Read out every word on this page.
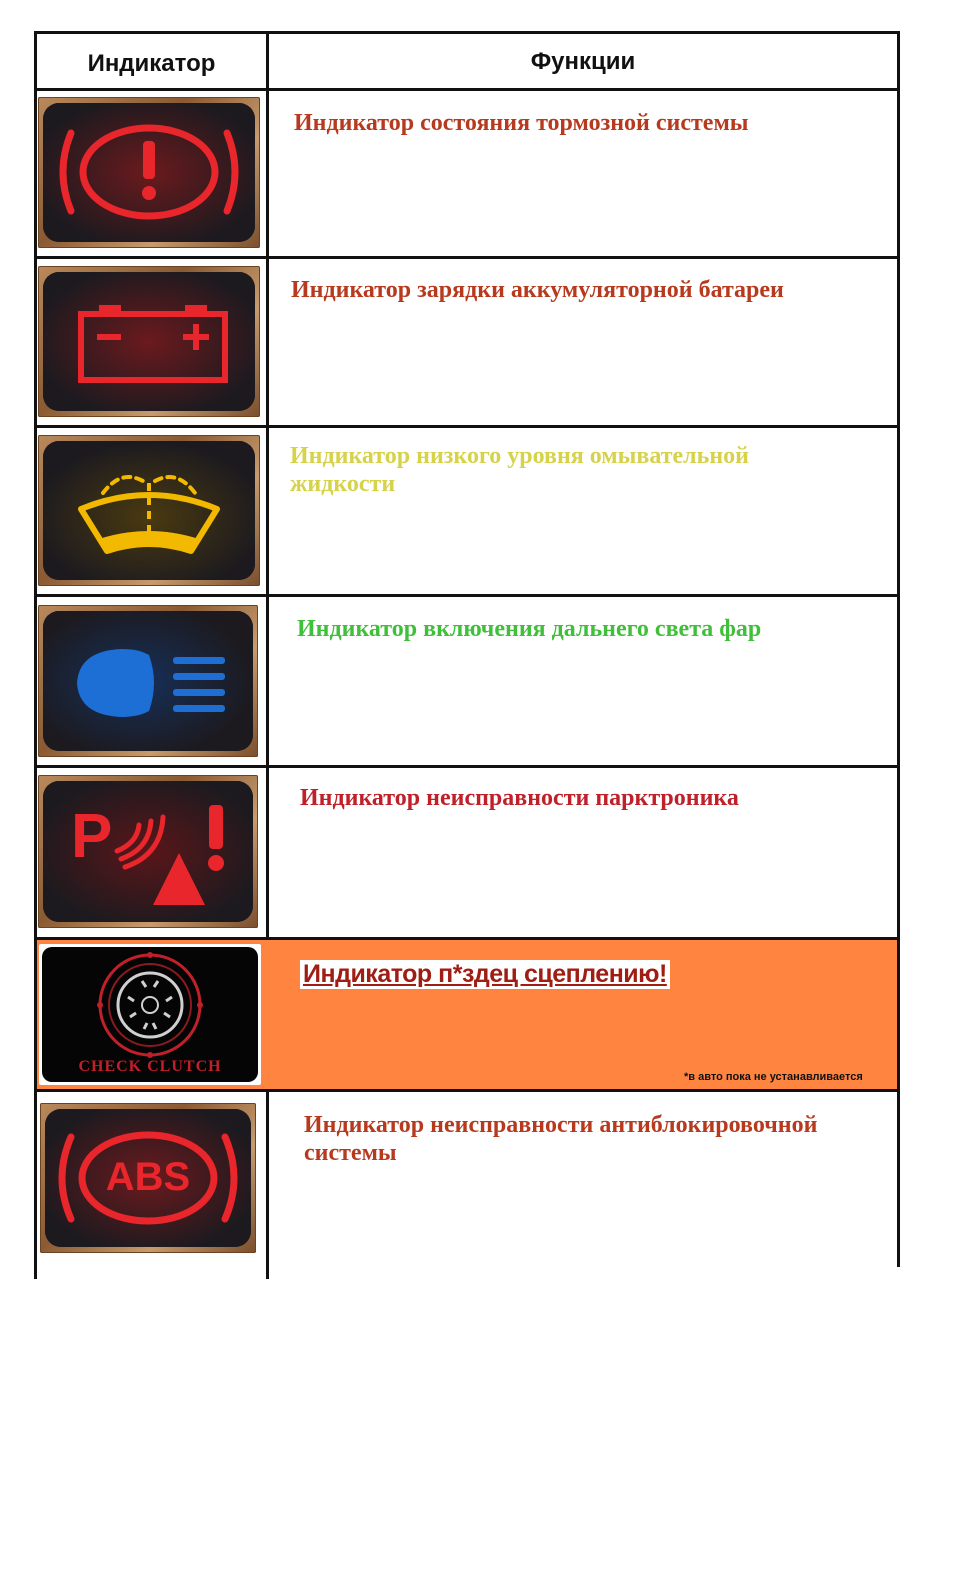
Индикатор	Функции
Индикатор состояния тормозной системы
Индикатор зарядки аккумуляторной батареи
Индикатор низкого уровня омывательной жидкости
Индикатор включения дальнего света фар
P
Индикатор неисправности парктроника
CHECK CLUTCH
Индикатор п*здец сцеплению!
*в авто пока не устанавливается
ABS
Индикатор неисправности антиблокировочной системы
